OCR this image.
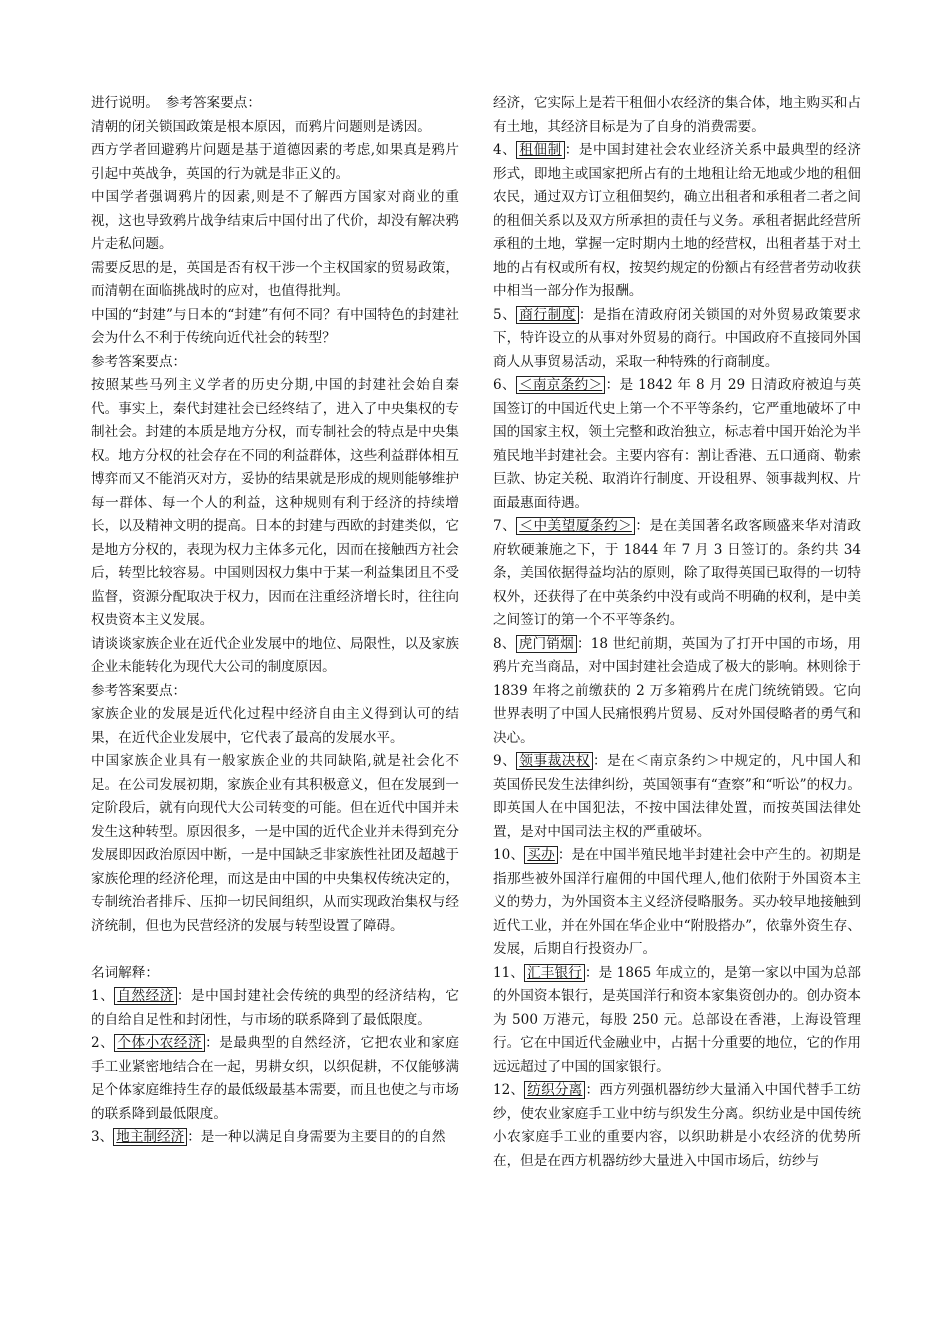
进行说明。　参考答案要点：

清朝的闭关锁国政策是根本原因，而鸦片问题则是诱因。

西方学者回避鸦片问题是基于道德因素的考虑,如果真是鸦片引起中英战争，英国的行为就是非正义的。

中国学者强调鸦片的因素,则是不了解西方国家对商业的重视，这也导致鸦片战争结束后中国付出了代价，却没有解决鸦片走私问题。

需要反思的是，英国是否有权干涉一个主权国家的贸易政策，而清朝在面临挑战时的应对，也值得批判。

中国的“封建”与日本的“封建”有何不同？有中国特色的封建社会为什么不利于传统向近代社会的转型？

参考答案要点：

按照某些马列主义学者的历史分期,中国的封建社会始自秦代。事实上，秦代封建社会已经终结了，进入了中央集权的专制社会。封建的本质是地方分权，而专制社会的特点是中央集权。地方分权的社会存在不同的利益群体，这些利益群体相互博弈而又不能消灭对方，妥协的结果就是形成的规则能够维护每一群体、每一个人的利益，这种规则有利于经济的持续增长，以及精神文明的提高。日本的封建与西欧的封建类似，它是地方分权的，表现为权力主体多元化，因而在接触西方社会后，转型比较容易。中国则因权力集中于某一利益集团且不受监督，资源分配取决于权力，因而在注重经济增长时，往往向权贵资本主义发展。

请谈谈家族企业在近代企业发展中的地位、局限性，以及家族企业未能转化为现代大公司的制度原因。

参考答案要点：

家族企业的发展是近代化过程中经济自由主义得到认可的结果，在近代企业发展中，它代表了最高的发展水平。

中国家族企业具有一般家族企业的共同缺陷,就是社会化不足。在公司发展初期，家族企业有其积极意义，但在发展到一定阶段后，就有向现代大公司转变的可能。但在近代中国并未发生这种转型。原因很多，一是中国的近代企业并未得到充分发展即因政治原因中断，一是中国缺乏非家族性社团及超越于家族伦理的经济伦理，而这是由中国的中央集权传统决定的，专制统治者排斥、压抑一切民间组织，从而实现政治集权与经济统制，但也为民营经济的发展与转型设置了障碍。

名词解释：

1、 自然经济 ：是中国封建社会传统的典型的经济结构，它的自给自足性和封闭性，与市场的联系降到了最低限度。

2、 个体小农经济 ：是最典型的自然经济，它把农业和家庭手工业紧密地结合在一起，男耕女织，以织促耕，不仅能够满足个体家庭维持生存的最低级最基本需要，而且也使之与市场的联系降到最低限度。

3、 地主制经济 ：是一种以满足自身需要为主要目的的自然

经济，它实际上是若干租佃小农经济的集合体，地主购买和占有土地，其经济目标是为了自身的消费需要。

4、 租佃制 ：是中国封建社会农业经济关系中最典型的经济形式，即地主或国家把所占有的土地租让给无地或少地的租佃农民，通过双方订立租佃契约，确立出租者和承租者二者之间的租佃关系以及双方所承担的责任与义务。承租者据此经营所承租的土地，掌握一定时期内土地的经营权，出租者基于对土地的占有权或所有权，按契约规定的份额占有经营者劳动收获中相当一部分作为报酬。

5、 商行制度 ：是指在清政府闭关锁国的对外贸易政策要求下，特许设立的从事对外贸易的商行。中国政府不直接同外国商人从事贸易活动，采取一种特殊的行商制度。

6、 ＜南京条约＞ ：是 1842 年 8 月 29 日清政府被迫与英国签订的中国近代史上第一个不平等条约，它严重地破坏了中国的国家主权，领土完整和政治独立，标志着中国开始沦为半殖民地半封建社会。主要内容有：割让香港、五口通商、勒索巨款、协定关税、取消许行制度、开设租界、领事裁判权、片面最惠面待遇。

7、 ＜中美望厦条约＞ ：是在美国著名政客顾盛来华对清政府软硬兼施之下，于 1844 年 7 月 3 日签订的。条约共 34 条，美国依据得益均沾的原则，除了取得英国已取得的一切特权外，还获得了在中英条约中没有或尚不明确的权利，是中美之间签订的第一个不平等条约。

8、 虎门销烟 ：18 世纪前期，英国为了打开中国的市场，用鸦片充当商品，对中国封建社会造成了极大的影响。林则徐于 1839 年将之前缴获的 2 万多箱鸦片在虎门统统销毁。它向世界表明了中国人民痛恨鸦片贸易、反对外国侵略者的勇气和决心。

9、 领事裁决权 ：是在＜南京条约＞中规定的，凡中国人和英国侨民发生法律纠纷，英国领事有“查察”和“听讼”的权力。即英国人在中国犯法，不按中国法律处置，而按英国法律处置，是对中国司法主权的严重破坏。

10、 买办 ：是在中国半殖民地半封建社会中产生的。初期是指那些被外国洋行雇佣的中国代理人,他们依附于外国资本主义的势力，为外国资本主义经济侵略服务。买办较早地接触到近代工业，并在外国在华企业中“附股搭办”，依靠外资生存、发展，后期自行投资办厂。

11、 汇丰银行 ：是 1865 年成立的，是第一家以中国为总部的外国资本银行，是英国洋行和资本家集资创办的。创办资本为 500 万港元，每股 250 元。总部设在香港，上海设管理行。它在中国近代金融业中，占据十分重要的地位，它的作用远远超过了中国的国家银行。

12、 纺织分离 ：西方列强机器纺纱大量涌入中国代替手工纺纱，使农业家庭手工业中纺与织发生分离。织纺业是中国传统小农家庭手工业的重要内容，以织助耕是小农经济的优势所在，但是在西方机器纺纱大量进入中国市场后，纺纱与
